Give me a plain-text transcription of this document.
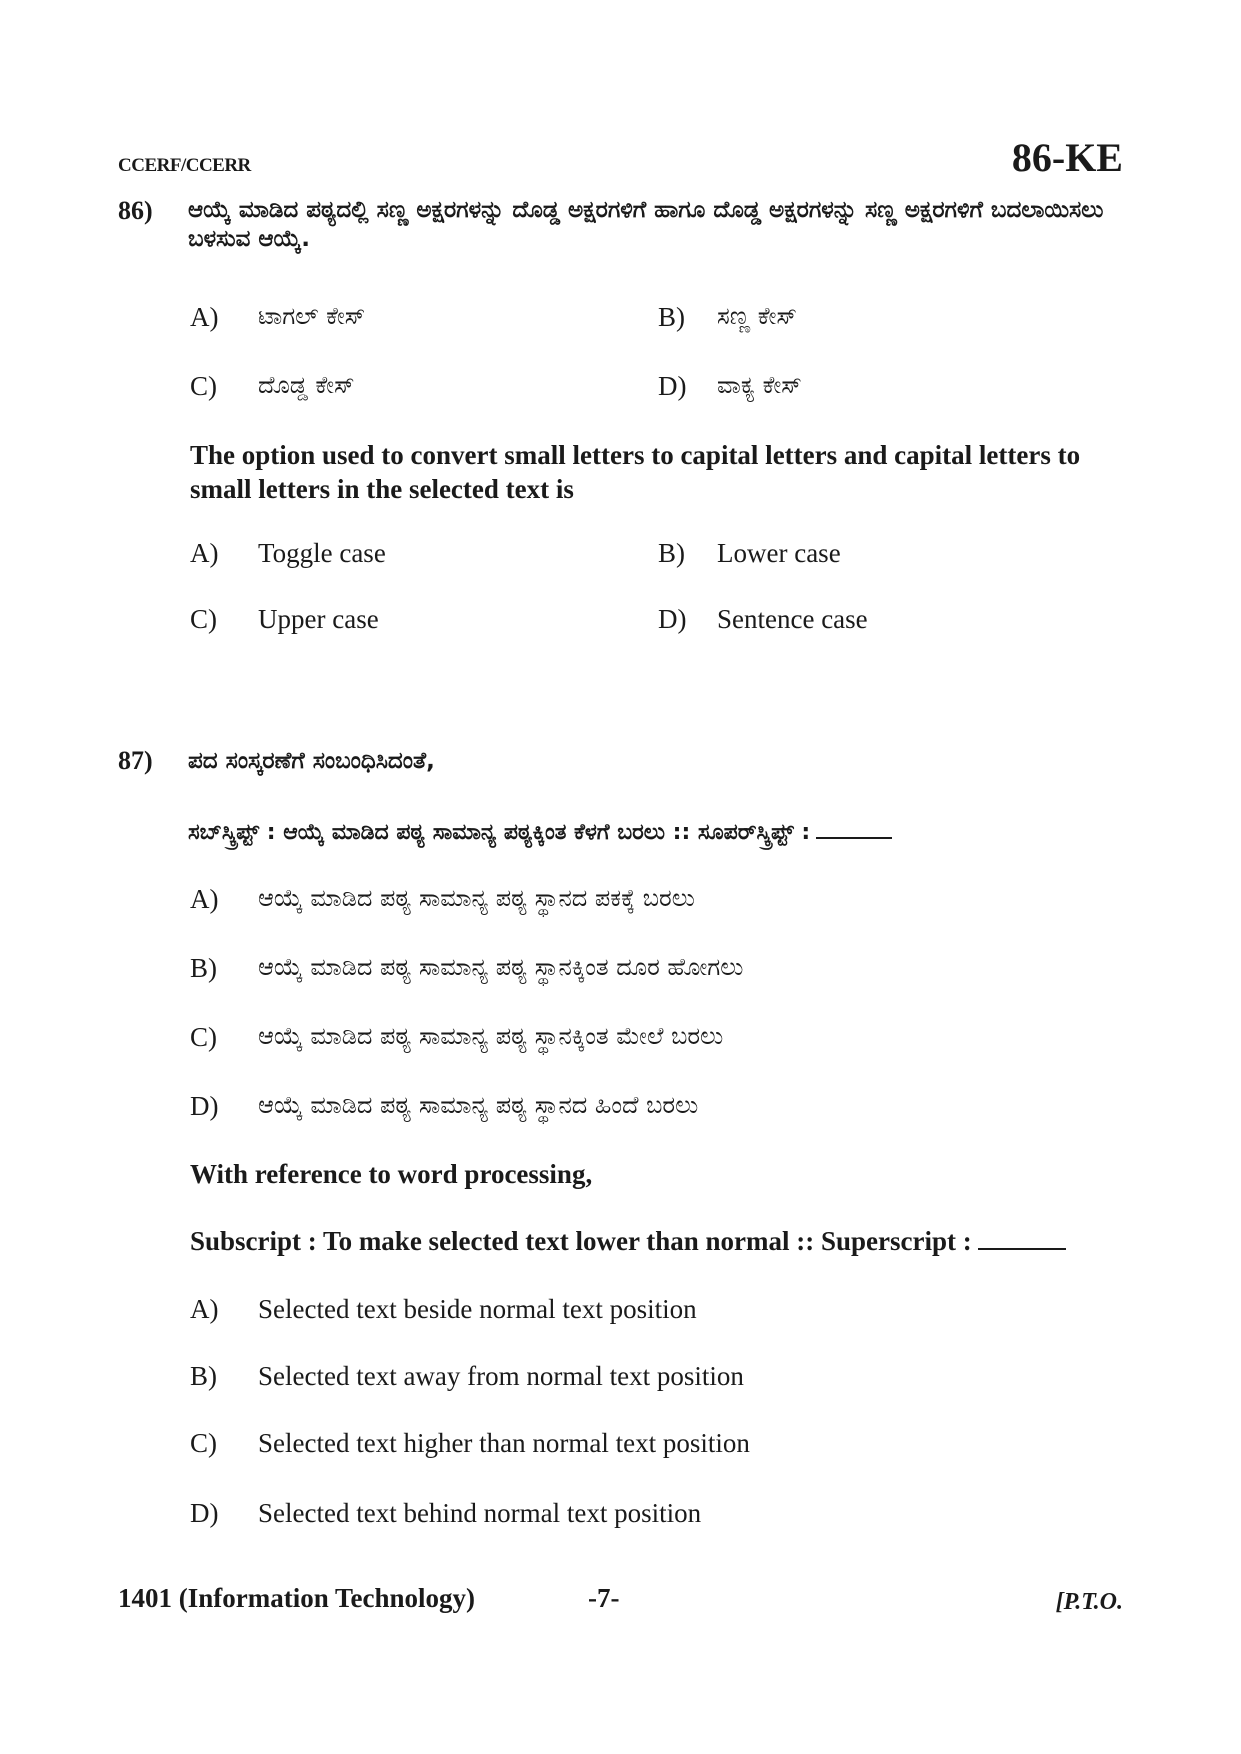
CCERF/CCERR	86-KE
86) ಆಯ್ಕೆ ಮಾಡಿದ ಪಠ್ಯದಲ್ಲಿ ಸಣ್ಣ ಅಕ್ಷರಗಳನ್ನು ದೊಡ್ಡ ಅಕ್ಷರಗಳಿಗೆ ಹಾಗೂ ದೊಡ್ಡ ಅಕ್ಷರಗಳನ್ನು ಸಣ್ಣ ಅಕ್ಷರಗಳಿಗೆ ಬದಲಾಯಿಸಲು ಬಳಸುವ ಆಯ್ಕೆ.
A) ಟಾಗಲ್ ಕೇಸ್	B) ಸಣ್ಣ ಕೇಸ್
C) ದೊಡ್ಡ ಕೇಸ್	D) ವಾಕ್ಯ ಕೇಸ್
The option used to convert small letters to capital letters and capital letters to small letters in the selected text is
A) Toggle case	B) Lower case
C) Upper case	D) Sentence case
87) ಪದ ಸಂಸ್ಕರಣೆಗೆ ಸಂಬಂಧಿಸಿದಂತೆ,
ಸಬ್‌ಸ್ಕ್ರಿಪ್ಟ್ : ಆಯ್ಕೆ ಮಾಡಿದ ಪಠ್ಯ ಸಾಮಾನ್ಯ ಪಠ್ಯಕ್ಕಿಂತ ಕೆಳಗೆ ಬರಲು :: ಸೂಪರ್‌ಸ್ಕ್ರಿಪ್ಟ್ :
A) ಆಯ್ಕೆ ಮಾಡಿದ ಪಠ್ಯ ಸಾಮಾನ್ಯ ಪಠ್ಯ ಸ್ಥಾನದ ಪಕಕ್ಕೆ ಬರಲು
B) ಆಯ್ಕೆ ಮಾಡಿದ ಪಠ್ಯ ಸಾಮಾನ್ಯ ಪಠ್ಯ ಸ್ಥಾನಕ್ಕಿಂತ ದೂರ ಹೋಗಲು
C) ಆಯ್ಕೆ ಮಾಡಿದ ಪಠ್ಯ ಸಾಮಾನ್ಯ ಪಠ್ಯ ಸ್ಥಾನಕ್ಕಿಂತ ಮೇಲೆ ಬರಲು
D) ಆಯ್ಕೆ ಮಾಡಿದ ಪಠ್ಯ ಸಾಮಾನ್ಯ ಪಠ್ಯ ಸ್ಥಾನದ ಹಿಂದೆ ಬರಲು
With reference to word processing,
Subscript : To make selected text lower than normal :: Superscript :
A) Selected text beside normal text position
B) Selected text away from normal text position
C) Selected text higher than normal text position
D) Selected text behind normal text position
1401 (Information Technology)	-7-	[P.T.O.
